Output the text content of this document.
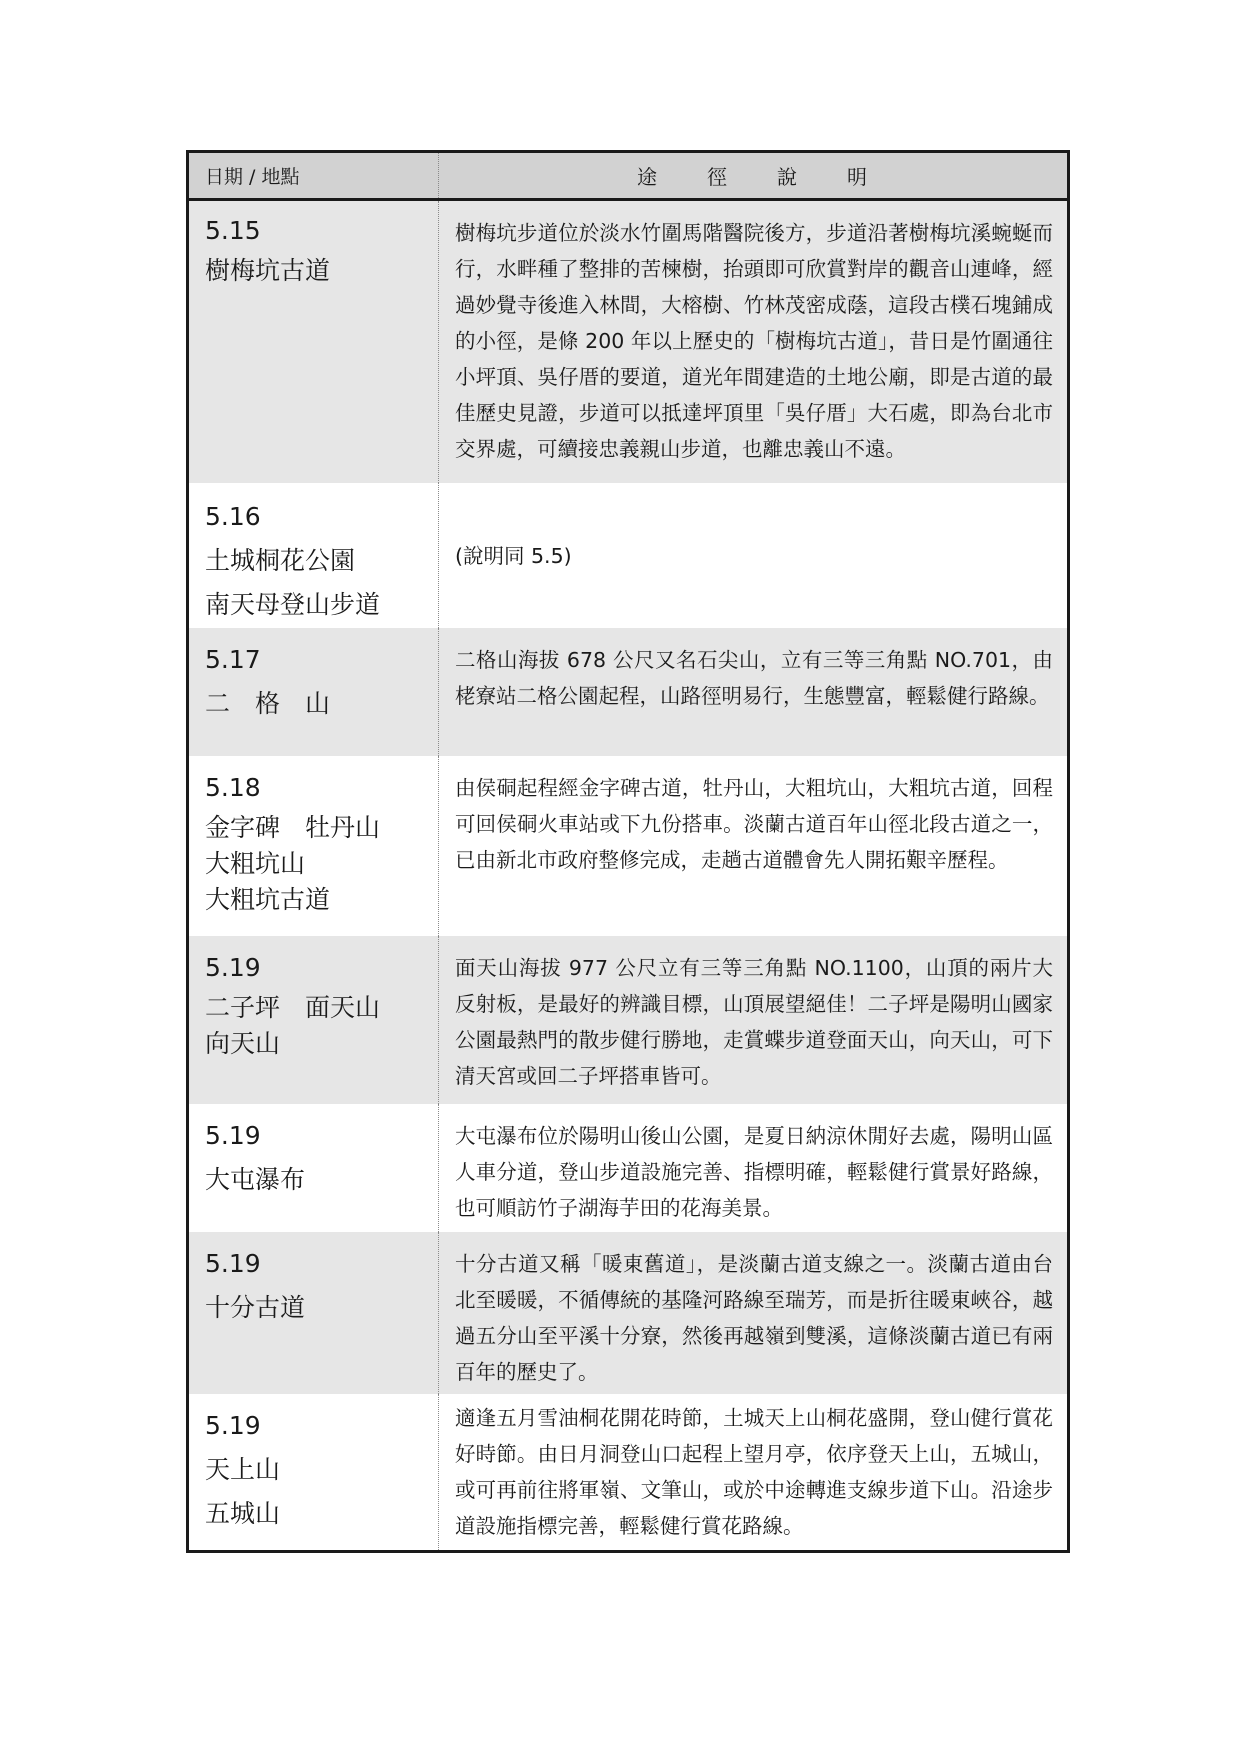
日期 / 地點	途 徑 說 明
5.15
樹梅坑古道
樹梅坑步道位於淡水竹圍馬階醫院後方，步道沿著樹梅坑溪蜿蜒而行，水畔種了整排的苦楝樹，抬頭即可欣賞對岸的觀音山連峰，經過妙覺寺後進入林間，大榕樹、竹林茂密成蔭，這段古樸石塊鋪成的小徑，是條 200 年以上歷史的「樹梅坑古道」，昔日是竹圍通往小坪頂、吳仔厝的要道，道光年間建造的土地公廟，即是古道的最佳歷史見證，步道可以抵達坪頂里「吳仔厝」大石處，即為台北市交界處，可續接忠義親山步道，也離忠義山不遠。
5.16
土城桐花公園
南天母登山步道
(說明同 5.5)
5.17
二　格　山
二格山海拔 678 公尺又名石尖山，立有三等三角點 NO.701，由栳寮站二格公園起程，山路徑明易行，生態豐富，輕鬆健行路線。
5.18
金字碑　牡丹山
大粗坑山
大粗坑古道
由侯硐起程經金字碑古道，牡丹山，大粗坑山，大粗坑古道，回程可回侯硐火車站或下九份搭車。淡蘭古道百年山徑北段古道之一，已由新北市政府整修完成，走趟古道體會先人開拓艱辛歷程。
5.19
二子坪　面天山
向天山
面天山海拔 977 公尺立有三等三角點 NO.1100，山頂的兩片大反射板，是最好的辨識目標，山頂展望絕佳！二子坪是陽明山國家公園最熱門的散步健行勝地，走賞蝶步道登面天山，向天山，可下清天宮或回二子坪搭車皆可。
5.19
大屯瀑布
大屯瀑布位於陽明山後山公園，是夏日納涼休閒好去處，陽明山區人車分道，登山步道設施完善、指標明確，輕鬆健行賞景好路線，也可順訪竹子湖海芋田的花海美景。
5.19
十分古道
十分古道又稱「暖東舊道」，是淡蘭古道支線之一。淡蘭古道由台北至暖暖，不循傳統的基隆河路線至瑞芳，而是折往暖東峽谷，越過五分山至平溪十分寮，然後再越嶺到雙溪，這條淡蘭古道已有兩百年的歷史了。
5.19
天上山
五城山
適逢五月雪油桐花開花時節，土城天上山桐花盛開，登山健行賞花好時節。由日月洞登山口起程上望月亭，依序登天上山，五城山，或可再前往將軍嶺、文筆山，或於中途轉進支線步道下山。沿途步道設施指標完善，輕鬆健行賞花路線。
